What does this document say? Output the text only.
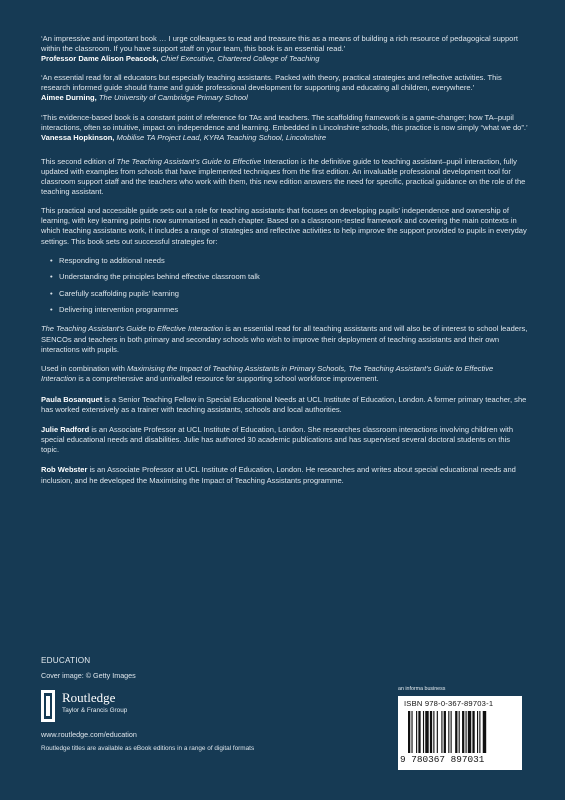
‘An impressive and important book … I urge colleagues to read and treasure this as a means of building a rich resource of pedagogical support within the classroom. If you have support staff on your team, this book is an essential read.’

Professor Dame Alison Peacock, Chief Executive, Chartered College of Teaching

‘An essential read for all educators but especially teaching assistants. Packed with theory, practical strategies and reflective activities. This research informed guide should frame and guide professional development for supporting and educating all children, everywhere.’

Aimee Durning, The University of Cambridge Primary School

‘This evidence-based book is a constant point of reference for TAs and teachers. The scaffolding framework is a game-changer; how TA–pupil interactions, often so intuitive, impact on independence and learning. Embedded in Lincolnshire schools, this practice is now simply “what we do”.’

Vanessa Hopkinson, Mobilise TA Project Lead, KYRA Teaching School, Lincolnshire

This second edition of The Teaching Assistant’s Guide to Effective Interaction is the definitive guide to teaching assistant–pupil interaction, fully updated with examples from schools that have implemented techniques from the first edition. An invaluable professional development tool for classroom support staff and the teachers who work with them, this new edition answers the need for specific, practical guidance on the role of the teaching assistant.

This practical and accessible guide sets out a role for teaching assistants that focuses on developing pupils’ independence and ownership of learning, with key learning points now summarised in each chapter. Based on a classroom-tested framework and covering the main contexts in which teaching assistants work, it includes a range of strategies and reflective activities to help improve the support provided to pupils in everyday settings. This book sets out successful strategies for:

• Responding to additional needs
• Understanding the principles behind effective classroom talk
• Carefully scaffolding pupils’ learning
• Delivering intervention programmes

The Teaching Assistant’s Guide to Effective Interaction is an essential read for all teaching assistants and will also be of interest to school leaders, SENCOs and teachers in both primary and secondary schools who wish to improve their deployment of teaching assistants and their own interactions with pupils.

Used in combination with Maximising the Impact of Teaching Assistants in Primary Schools, The Teaching Assistant’s Guide to Effective Interaction is a comprehensive and unrivalled resource for supporting school workforce improvement.

Paula Bosanquet is a Senior Teaching Fellow in Special Educational Needs at UCL Institute of Education, London. A former primary teacher, she has worked extensively as a trainer with teaching assistants, schools and local authorities.

Julie Radford is an Associate Professor at UCL Institute of Education, London. She researches classroom interactions involving children with special educational needs and disabilities. Julie has authored 30 academic publications and has supervised several doctoral students on this topic.

Rob Webster is an Associate Professor at UCL Institute of Education, London. He researches and writes about special educational needs and inclusion, and he developed the Maximising the Impact of Teaching Assistants programme.

EDUCATION
Cover image: © Getty Images
Routledge
Taylor & Francis Group
www.routledge.com/education
Routledge titles are available as eBook editions in a range of digital formats
an informa business
ISBN 978-0-367-89703-1
9 780367 897031
